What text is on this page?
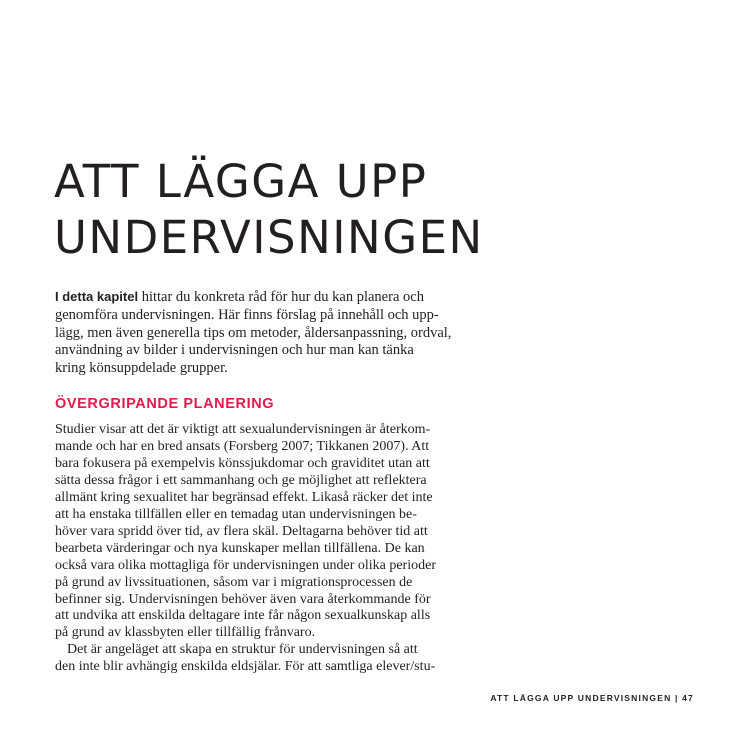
ATT LÄGGA UPP
UNDERVISNINGEN
I detta kapitel hittar du konkreta råd för hur du kan planera och
genomföra undervisningen. Här finns förslag på innehåll och upp-
lägg, men även generella tips om metoder, åldersanpassning, ordval,
användning av bilder i undervisningen och hur man kan tänka
kring könsuppdelade grupper.
ÖVERGRIPANDE PLANERING
Studier visar att det är viktigt att sexualundervisningen är återkom-
mande och har en bred ansats (Forsberg 2007; Tikkanen 2007). Att
bara fokusera på exempelvis könssjukdomar och graviditet utan att
sätta dessa frågor i ett sammanhang och ge möjlighet att reflektera
allmänt kring sexualitet har begränsad effekt. Likaså räcker det inte
att ha enstaka tillfällen eller en temadag utan undervisningen be-
höver vara spridd över tid, av flera skäl. Deltagarna behöver tid att
bearbeta värderingar och nya kunskaper mellan tillfällena. De kan
också vara olika mottagliga för undervisningen under olika perioder
på grund av livssituationen, såsom var i migrationsprocessen de
befinner sig. Undervisningen behöver även vara återkommande för
att undvika att enskilda deltagare inte får någon sexualkunskap alls
på grund av klassbyten eller tillfällig frånvaro.
Det är angeläget att skapa en struktur för undervisningen så att
den inte blir avhängig enskilda eldsjälar. För att samtliga elever/stu-
ATT LÄGGA UPP UNDERVISNINGEN | 47
